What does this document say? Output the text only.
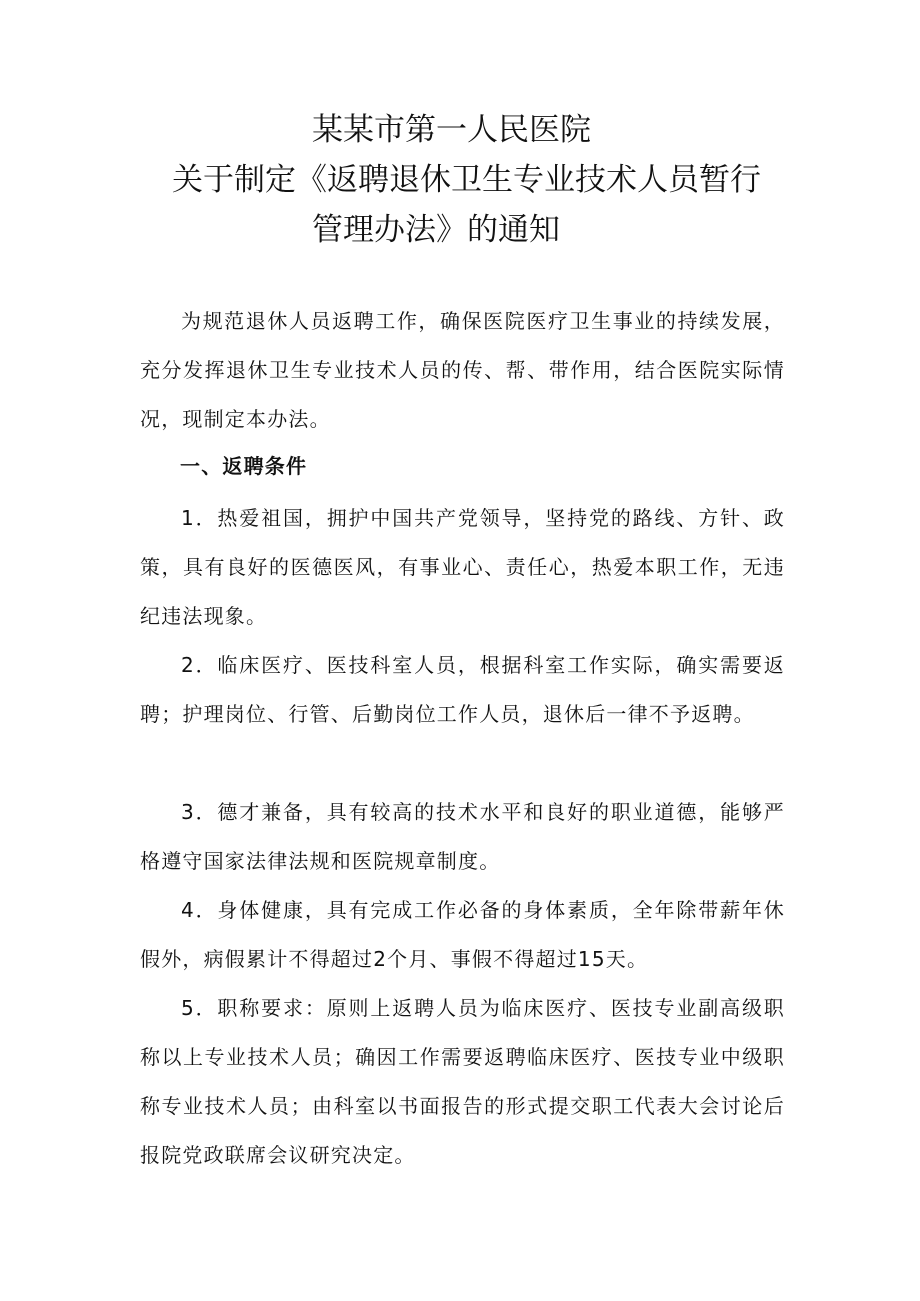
某某市第一人民医院
关于制定《返聘退休卫生专业技术人员暂行
管理办法》的通知

为规范退休人员返聘工作，确保医院医疗卫生事业的持续发展，充分发挥退休卫生专业技术人员的传、帮、带作用，结合医院实际情况，现制定本办法。

一、返聘条件

1．热爱祖国，拥护中国共产党领导，坚持党的路线、方针、政策，具有良好的医德医风，有事业心、责任心，热爱本职工作，无违纪违法现象。

2．临床医疗、医技科室人员，根据科室工作实际，确实需要返聘；护理岗位、行管、后勤岗位工作人员，退休后一律不予返聘。

3．德才兼备，具有较高的技术水平和良好的职业道德，能够严格遵守国家法律法规和医院规章制度。

4．身体健康，具有完成工作必备的身体素质，全年除带薪年休假外，病假累计不得超过2个月、事假不得超过15天。

5．职称要求：原则上返聘人员为临床医疗、医技专业副高级职称以上专业技术人员；确因工作需要返聘临床医疗、医技专业中级职称专业技术人员；由科室以书面报告的形式提交职工代表大会讨论后报院党政联席会议研究决定。
